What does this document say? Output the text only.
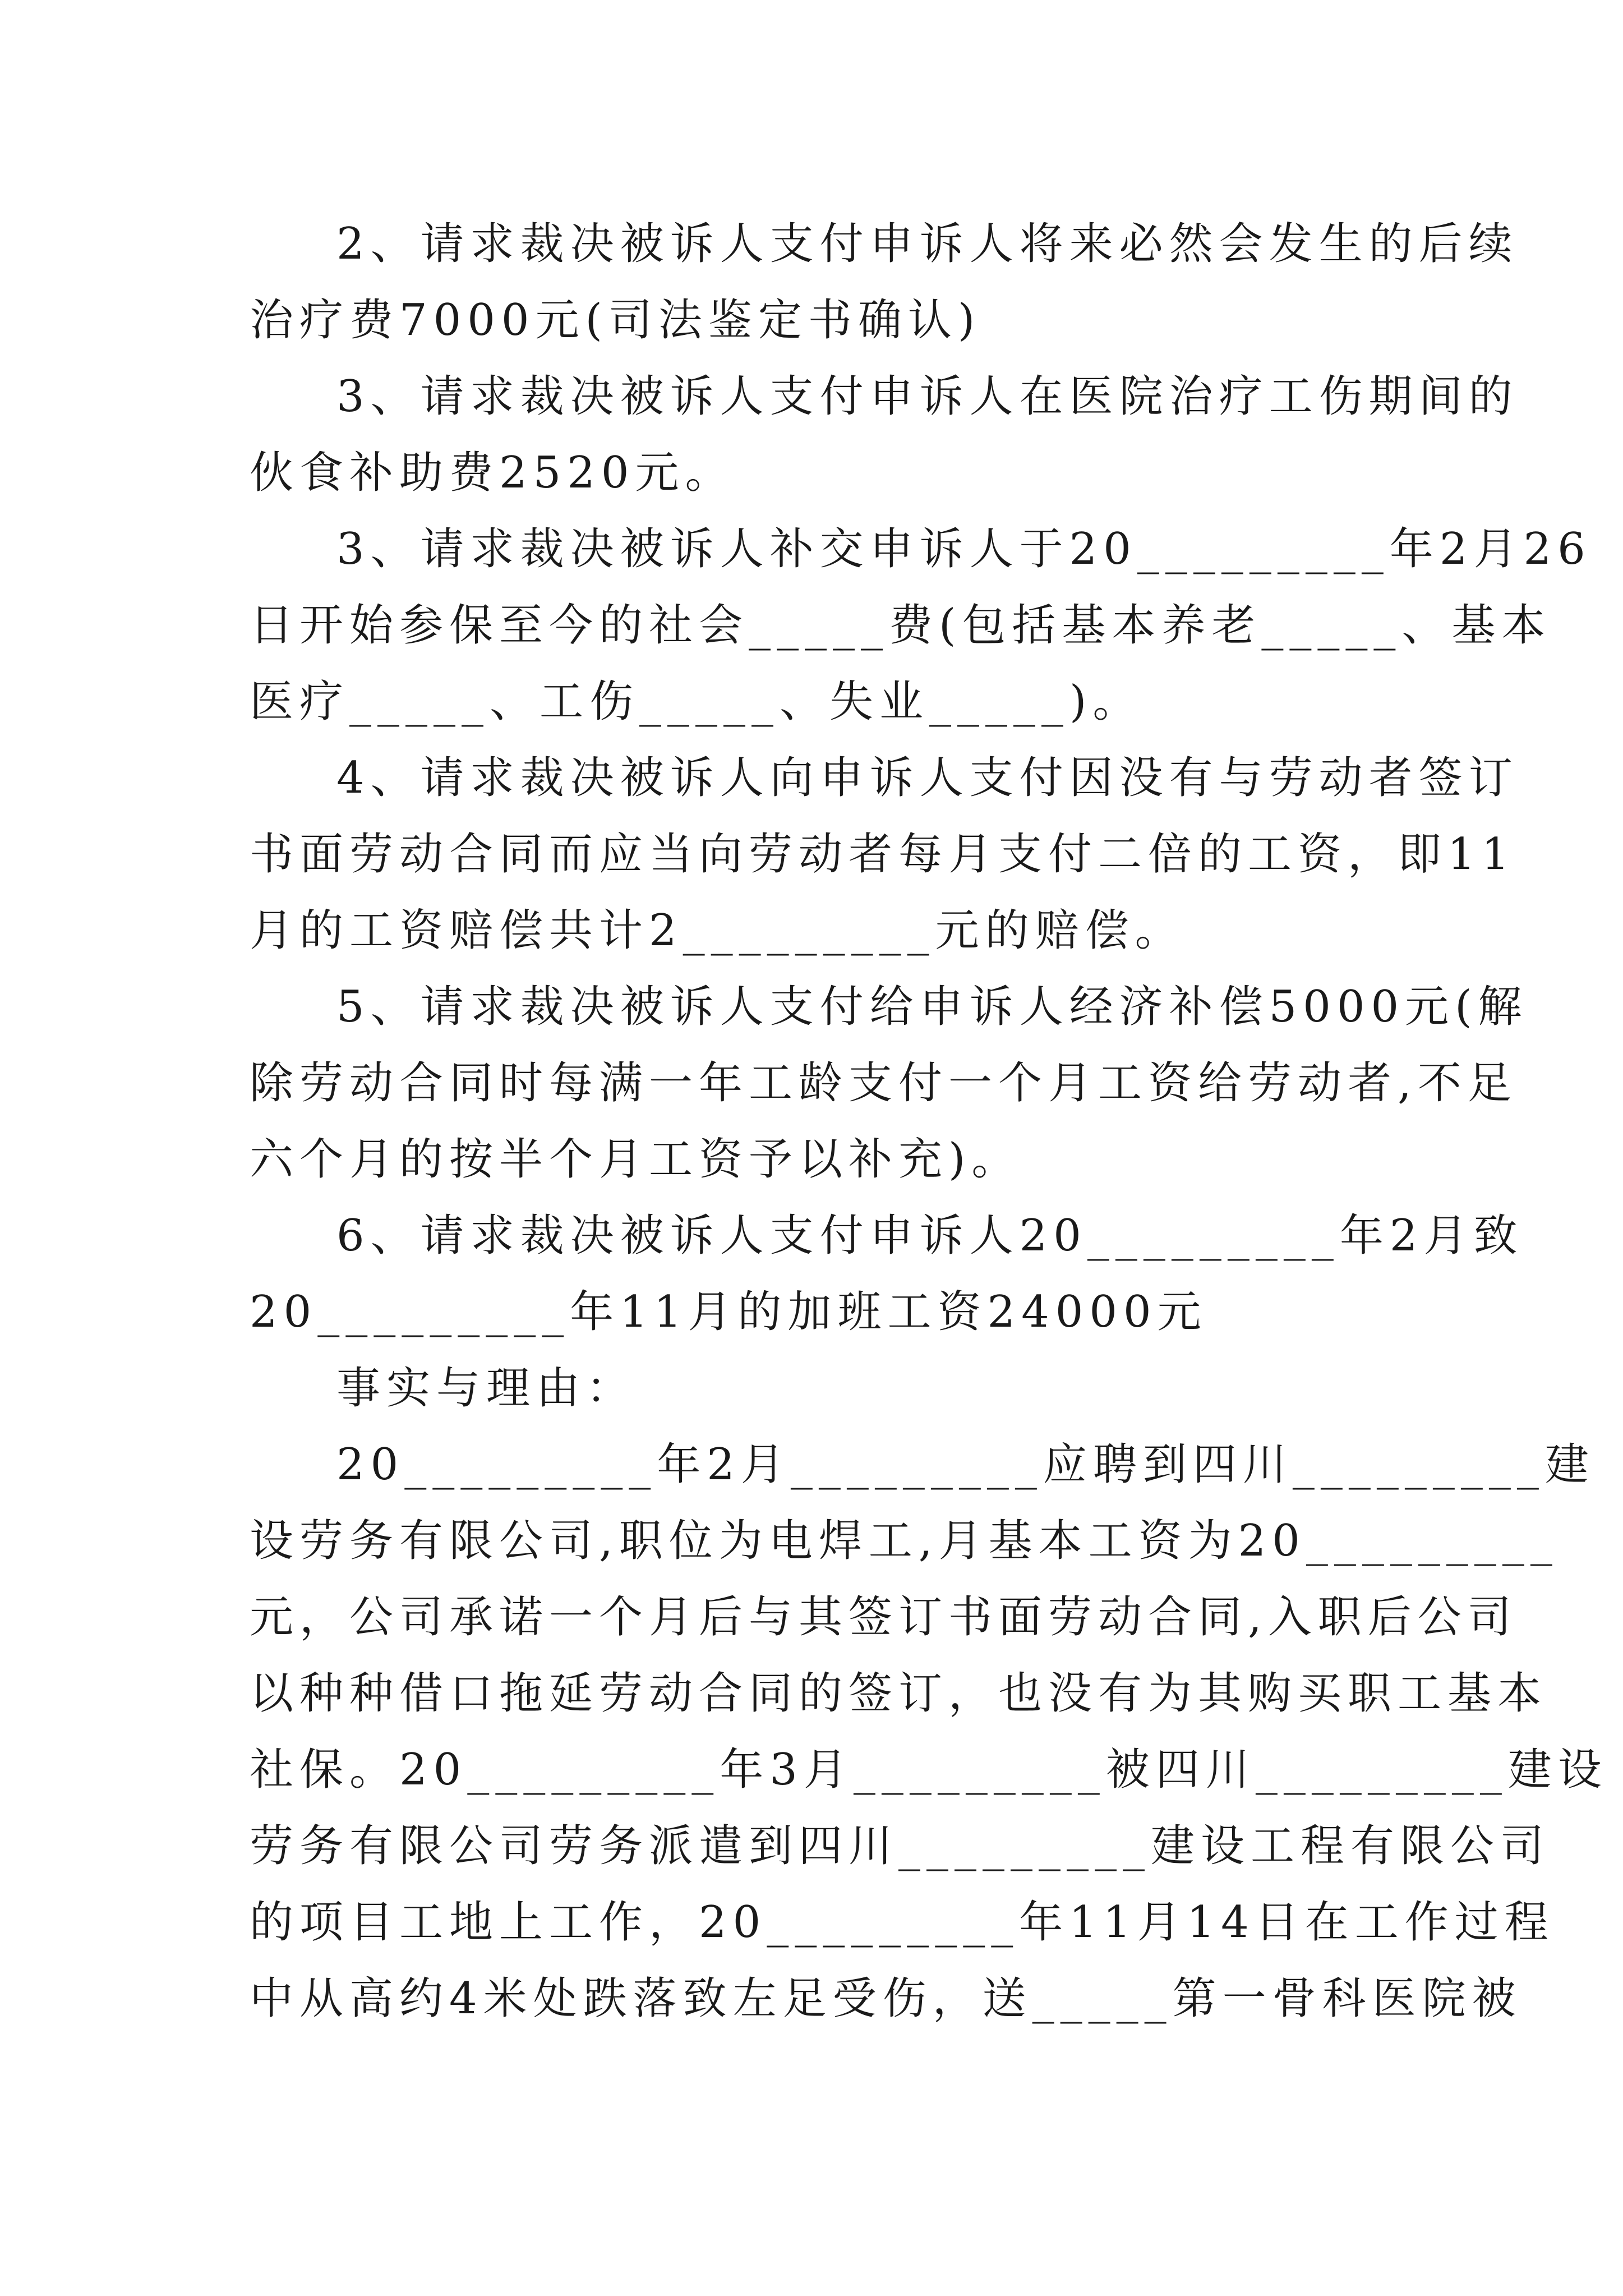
2、请求裁决被诉人支付申诉人将来必然会发生的后续
治疗费7000元(司法鉴定书确认)
3、请求裁决被诉人支付申诉人在医院治疗工伤期间的
伙食补助费2520元。
3、请求裁决被诉人补交申诉人于20_________年2月26
日开始参保至今的社会_____费(包括基本养老_____、基本
医疗_____、工伤_____、失业_____)。
4、请求裁决被诉人向申诉人支付因没有与劳动者签订
书面劳动合同而应当向劳动者每月支付二倍的工资，即11
月的工资赔偿共计2_________元的赔偿。
5、请求裁决被诉人支付给申诉人经济补偿5000元(解
除劳动合同时每满一年工龄支付一个月工资给劳动者,不足
六个月的按半个月工资予以补充)。
6、请求裁决被诉人支付申诉人20_________年2月致
20_________年11月的加班工资24000元
事实与理由：
20_________年2月_________应聘到四川_________建
设劳务有限公司,职位为电焊工,月基本工资为20_________
元，公司承诺一个月后与其签订书面劳动合同,入职后公司
以种种借口拖延劳动合同的签订，也没有为其购买职工基本
社保。20_________年3月_________被四川_________建设
劳务有限公司劳务派遣到四川_________建设工程有限公司
的项目工地上工作，20_________年11月14日在工作过程
中从高约4米处跌落致左足受伤，送_____第一骨科医院被
